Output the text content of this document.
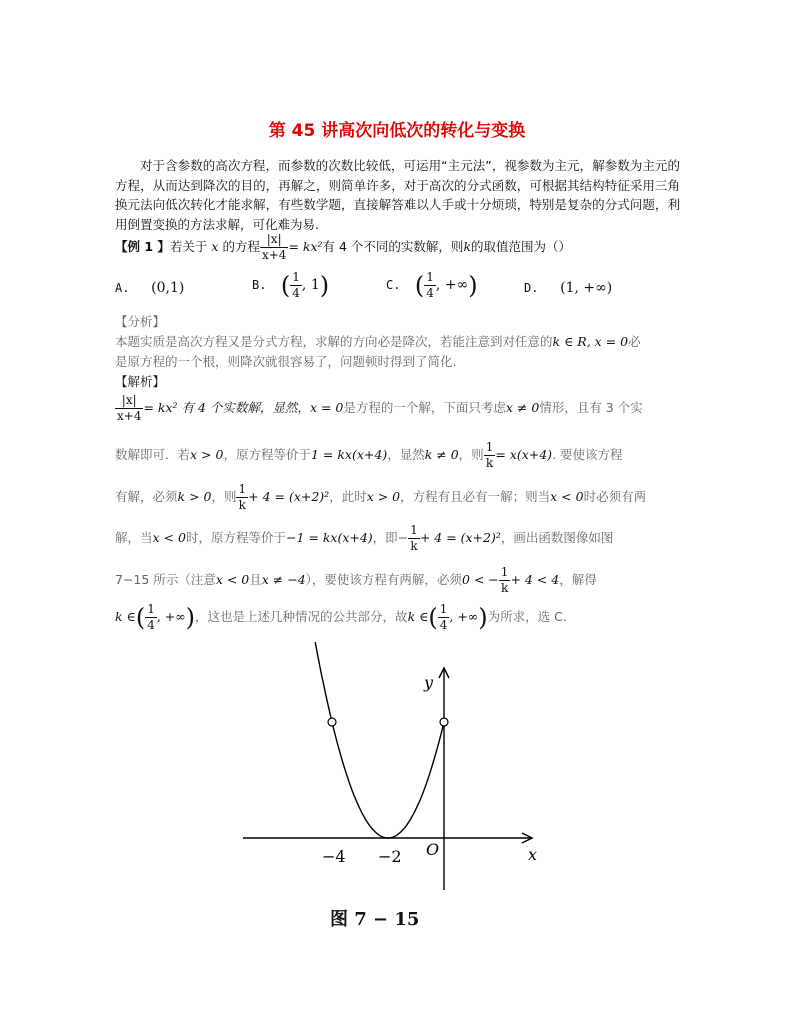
第 45 讲高次向低次的转化与变换
对于含参数的高次方程，而参数的次数比较低，可运用“主元法”，视参数为主元，解参数为主元的方程，从而达到降次的目的，再解之，则简单许多，对于高次的分式函数，可根据其结构特征采用三角换元法向低次转化才能求解，有些数学题，直接解答难以人手或十分烦琐，特别是复杂的分式问题，利用倒置变换的方法求解，可化难为易.
【例 1 】若关于 x 的方程 $\frac{|x|}{x+4} = kx^2$有 4 个不同的实数解，则k的取值范围为（）
A. (0,1)	B. ( $\frac{1}{4}$ , 1)	C. ( $\frac{1}{4}$ , +∞)	D. (1, +∞)
【分析】
本题实质是高次方程又是分式方程，求解的方向必是降次，若能注意到对任意的k ∈ R, x = 0必
是原方程的一个根，则降次就很容易了，问题顿时得到了简化.
【解析】
$\frac{|x|}{x+4} = kx^2$ 有 4 个实数解，显然，x = 0是方程的一个解，下面只考虑x ≠ 0情形，且有 3 个实
数解即可．若x > 0，原方程等价于1 = kx(x+4)，显然k ≠ 0，则 $\frac{1}{k} = x(x+4)$. 要使该方程
有解，必须k > 0，则 $\frac{1}{k} + 4 = (x+2)^2$，此时x > 0，方程有且必有一解；则当x < 0时必须有两
解，当x < 0时，原方程等价于−1 = kx(x+4)，即− $\frac{1}{k} + 4 = (x+2)^2$，画出函数图像如图
7−15 所示（注意x < 0且x ≠ −4），要使该方程有两解，必须0 < − $\frac{1}{k} + 4 < 4$，解得
k ∈( $\frac{1}{4}$ , +∞)，这也是上述几种情况的公共部分，故k ∈( $\frac{1}{4}$ , +∞)为所求，选 C.
−4 −2 O	x
y
图 7 − 15
